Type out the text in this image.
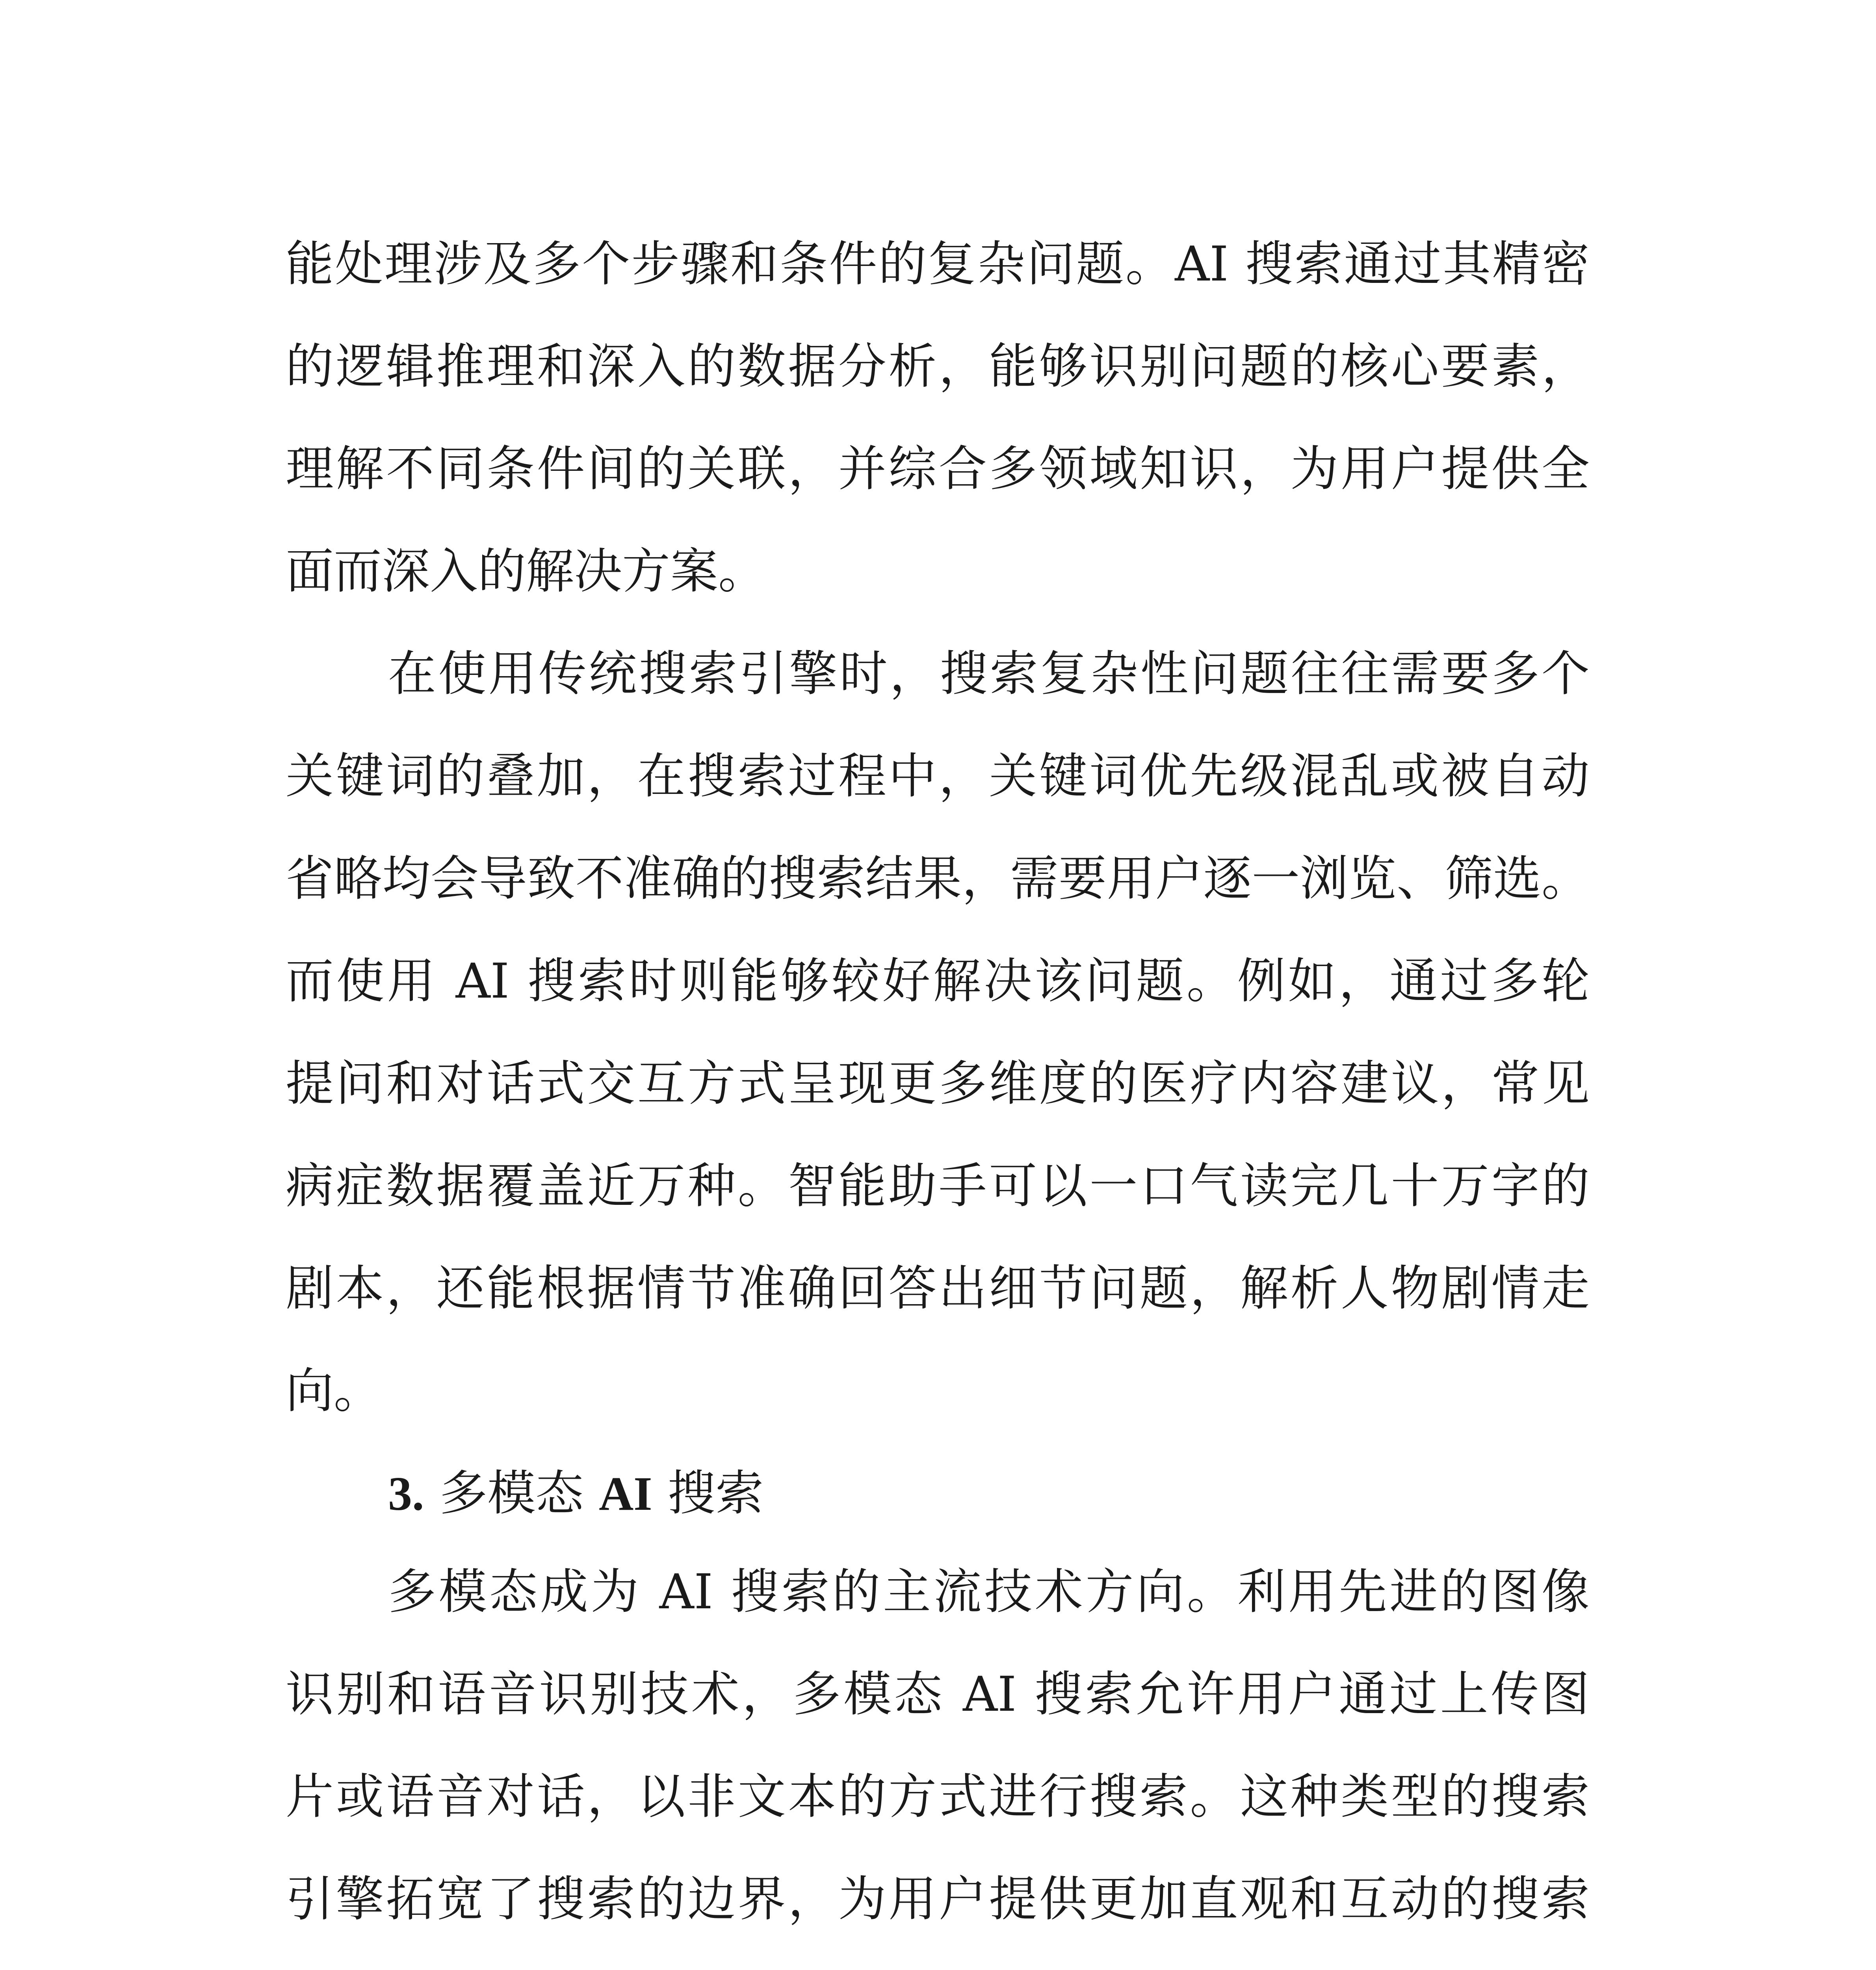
能处理涉及多个步骤和条件的复杂问题。AI 搜索通过其精密
的逻辑推理和深入的数据分析，能够识别问题的核心要素，
理解不同条件间的关联，并综合多领域知识，为用户提供全
面而深入的解决方案。
在使用传统搜索引擎时，搜索复杂性问题往往需要多个
关键词的叠加，在搜索过程中，关键词优先级混乱或被自动
省略均会导致不准确的搜索结果，需要用户逐一浏览、筛选。
而使用 AI 搜索时则能够较好解决该问题。例如，通过多轮
提问和对话式交互方式呈现更多维度的医疗内容建议，常见
病症数据覆盖近万种。智能助手可以一口气读完几十万字的
剧本，还能根据情节准确回答出细节问题，解析人物剧情走
向。
3. 多模态 AI 搜索
多模态成为 AI 搜索的主流技术方向。利用先进的图像
识别和语音识别技术，多模态 AI 搜索允许用户通过上传图
片或语音对话，以非文本的方式进行搜索。这种类型的搜索
引擎拓宽了搜索的边界，为用户提供更加直观和互动的搜索
